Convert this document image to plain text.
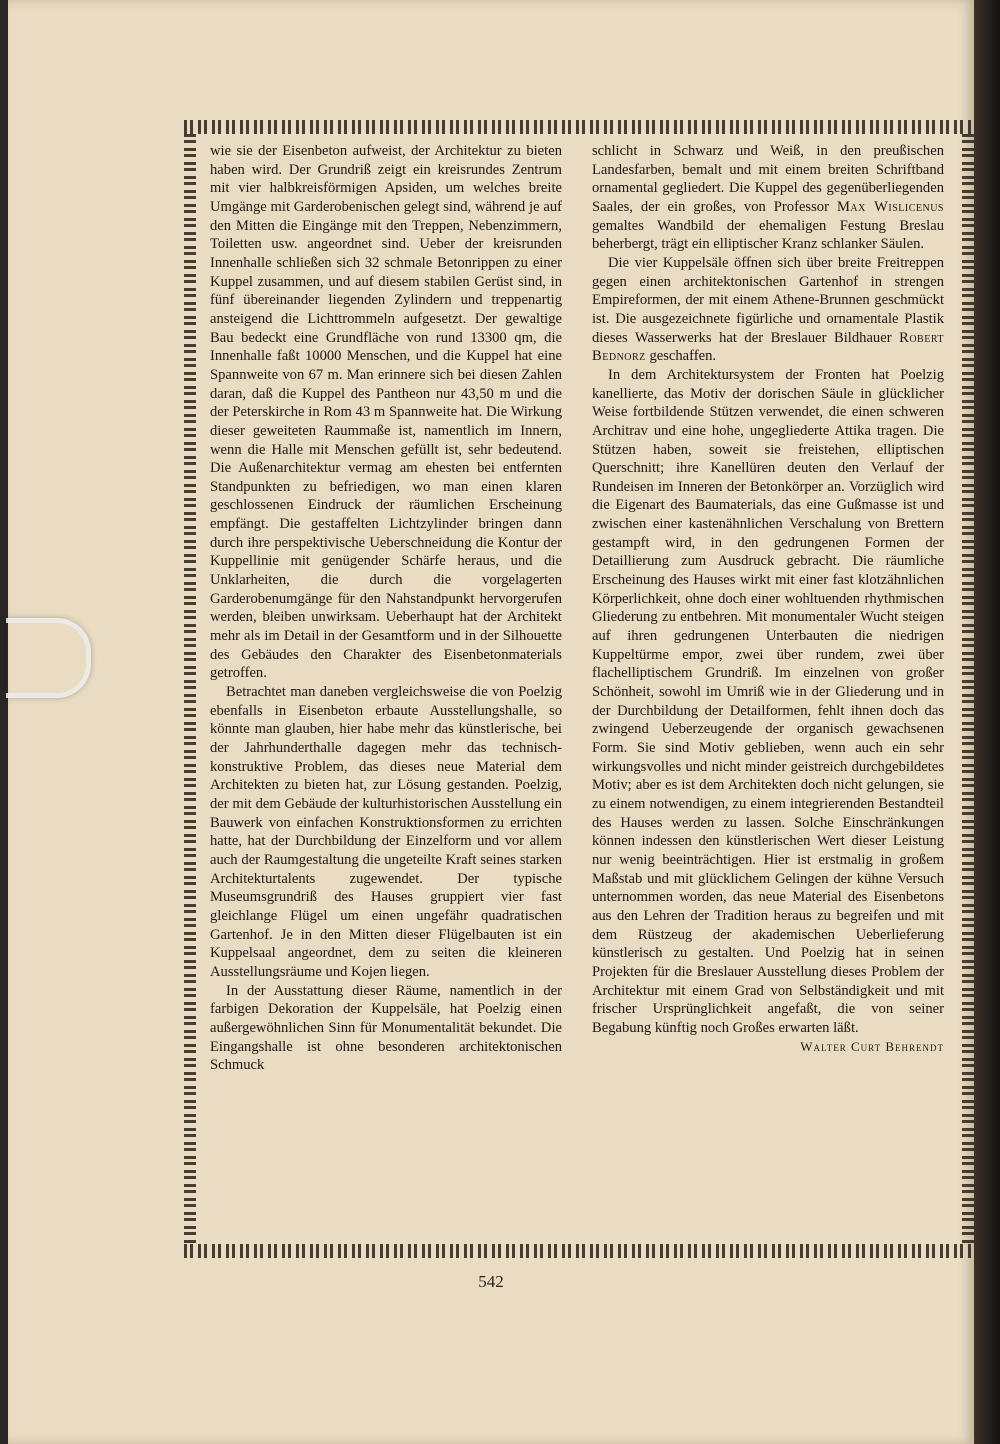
wie sie der Eisenbeton aufweist, der Architektur zu bieten haben wird. Der Grundriß zeigt ein kreisrundes Zentrum mit vier halbkreisförmigen Apsiden, um welches breite Umgänge mit Garderobenischen gelegt sind, während je auf den Mitten die Eingänge mit den Treppen, Nebenzimmern, Toiletten usw. angeordnet sind. Ueber der kreisrunden Innenhalle schließen sich 32 schmale Betonrippen zu einer Kuppel zusammen, und auf diesem stabilen Gerüst sind, in fünf übereinander liegenden Zylindern und treppenartig ansteigend die Lichttrommeln aufgesetzt. Der gewaltige Bau bedeckt eine Grundfläche von rund 13300 qm, die Innenhalle faßt 10000 Menschen, und die Kuppel hat eine Spannweite von 67 m. Man erinnere sich bei diesen Zahlen daran, daß die Kuppel des Pantheon nur 43,50 m und die der Peterskirche in Rom 43 m Spannweite hat. Die Wirkung dieser geweiteten Raummaße ist, namentlich im Innern, wenn die Halle mit Menschen gefüllt ist, sehr bedeutend. Die Außenarchitektur vermag am ehesten bei entfernten Standpunkten zu befriedigen, wo man einen klaren geschlossenen Eindruck der räumlichen Erscheinung empfängt. Die gestaffelten Lichtzylinder bringen dann durch ihre perspektivische Ueberschneidung die Kontur der Kuppellinie mit genügender Schärfe heraus, und die Unklarheiten, die durch die vorgelagerten Garderobenumgänge für den Nahstandpunkt hervorgerufen werden, bleiben unwirksam. Ueberhaupt hat der Architekt mehr als im Detail in der Gesamtform und in der Silhouette des Gebäudes den Charakter des Eisenbetonmaterials getroffen.

Betrachtet man daneben vergleichsweise die von Poelzig ebenfalls in Eisenbeton erbaute Ausstellungshalle, so könnte man glauben, hier habe mehr das künstlerische, bei der Jahrhunderthalle dagegen mehr das technisch-konstruktive Problem, das dieses neue Material dem Architekten zu bieten hat, zur Lösung gestanden. Poelzig, der mit dem Gebäude der kulturhistorischen Ausstellung ein Bauwerk von einfachen Konstruktionsformen zu errichten hatte, hat der Durchbildung der Einzelform und vor allem auch der Raumgestaltung die ungeteilte Kraft seines starken Architekturtalents zugewendet. Der typische Museumsgrundriß des Hauses gruppiert vier fast gleichlange Flügel um einen ungefähr quadratischen Gartenhof. Je in den Mitten dieser Flügelbauten ist ein Kuppelsaal angeordnet, dem zu seiten die kleineren Ausstellungsräume und Kojen liegen.

In der Ausstattung dieser Räume, namentlich in der farbigen Dekoration der Kuppelsäle, hat Poelzig einen außergewöhnlichen Sinn für Monumentalität bekundet. Die Eingangshalle ist ohne besonderen architektonischen Schmuck

schlicht in Schwarz und Weiß, in den preußischen Landesfarben, bemalt und mit einem breiten Schriftband ornamental gegliedert. Die Kuppel des gegenüberliegenden Saales, der ein großes, von Professor Max Wislicenus gemaltes Wandbild der ehemaligen Festung Breslau beherbergt, trägt ein elliptischer Kranz schlanker Säulen.

Die vier Kuppelsäle öffnen sich über breite Freitreppen gegen einen architektonischen Gartenhof in strengen Empireformen, der mit einem Athene-Brunnen geschmückt ist. Die ausgezeichnete figürliche und ornamentale Plastik dieses Wasserwerks hat der Breslauer Bildhauer Robert Bednorz geschaffen.

In dem Architektursystem der Fronten hat Poelzig kanellierte, das Motiv der dorischen Säule in glücklicher Weise fortbildende Stützen verwendet, die einen schweren Architrav und eine hohe, ungegliederte Attika tragen. Die Stützen haben, soweit sie freistehen, elliptischen Querschnitt; ihre Kanellüren deuten den Verlauf der Rundeisen im Inneren der Betonkörper an. Vorzüglich wird die Eigenart des Baumaterials, das eine Gußmasse ist und zwischen einer kastenähnlichen Verschalung von Brettern gestampft wird, in den gedrungenen Formen der Detaillierung zum Ausdruck gebracht. Die räumliche Erscheinung des Hauses wirkt mit einer fast klotzähnlichen Körperlichkeit, ohne doch einer wohltuenden rhythmischen Gliederung zu entbehren. Mit monumentaler Wucht steigen auf ihren gedrungenen Unterbauten die niedrigen Kuppeltürme empor, zwei über rundem, zwei über flachelliptischem Grundriß. Im einzelnen von großer Schönheit, sowohl im Umriß wie in der Gliederung und in der Durchbildung der Detailformen, fehlt ihnen doch das zwingend Ueberzeugende der organisch gewachsenen Form. Sie sind Motiv geblieben, wenn auch ein sehr wirkungsvolles und nicht minder geistreich durchgebildetes Motiv; aber es ist dem Architekten doch nicht gelungen, sie zu einem notwendigen, zu einem integrierenden Bestandteil des Hauses werden zu lassen. Solche Einschränkungen können indessen den künstlerischen Wert dieser Leistung nur wenig beeinträchtigen. Hier ist erstmalig in großem Maßstab und mit glücklichem Gelingen der kühne Versuch unternommen worden, das neue Material des Eisenbetons aus den Lehren der Tradition heraus zu begreifen und mit dem Rüstzeug der akademischen Ueberlieferung künstlerisch zu gestalten. Und Poelzig hat in seinen Projekten für die Breslauer Ausstellung dieses Problem der Architektur mit einem Grad von Selbständigkeit und mit frischer Ursprünglichkeit angefaßt, die von seiner Begabung künftig noch Großes erwarten läßt.
Walter Curt Behrendt

542
